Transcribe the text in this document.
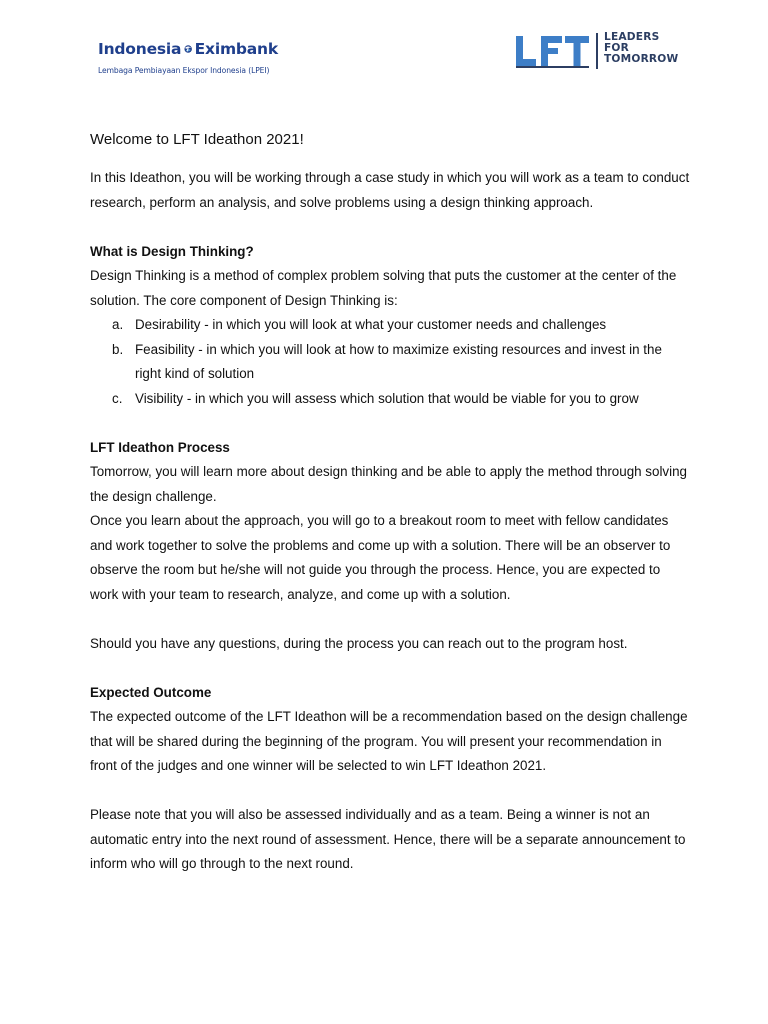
Indonesia Eximbank
Lembaga Pembiayaan Ekspor Indonesia (LPEI)
LEADERS
FOR
TOMORROW

Welcome to LFT Ideathon 2021!

In this Ideathon, you will be working through a case study in which you will work as a team to conduct research, perform an analysis, and solve problems using a design thinking approach.

What is Design Thinking?

Design Thinking is a method of complex problem solving that puts the customer at the center of the solution. The core component of Design Thinking is:

a. Desirability - in which you will look at what your customer needs and challenges
b. Feasibility - in which you will look at how to maximize existing resources and invest in the right kind of solution
c. Visibility - in which you will assess which solution that would be viable for you to grow

LFT Ideathon Process

Tomorrow, you will learn more about design thinking and be able to apply the method through solving the design challenge.

Once you learn about the approach, you will go to a breakout room to meet with fellow candidates and work together to solve the problems and come up with a solution. There will be an observer to observe the room but he/she will not guide you through the process. Hence, you are expected to work with your team to research, analyze, and come up with a solution.

Should you have any questions, during the process you can reach out to the program host.

Expected Outcome

The expected outcome of the LFT Ideathon will be a recommendation based on the design challenge that will be shared during the beginning of the program. You will present your recommendation in front of the judges and one winner will be selected to win LFT Ideathon 2021.

Please note that you will also be assessed individually and as a team. Being a winner is not an automatic entry into the next round of assessment. Hence, there will be a separate announcement to inform who will go through to the next round.
